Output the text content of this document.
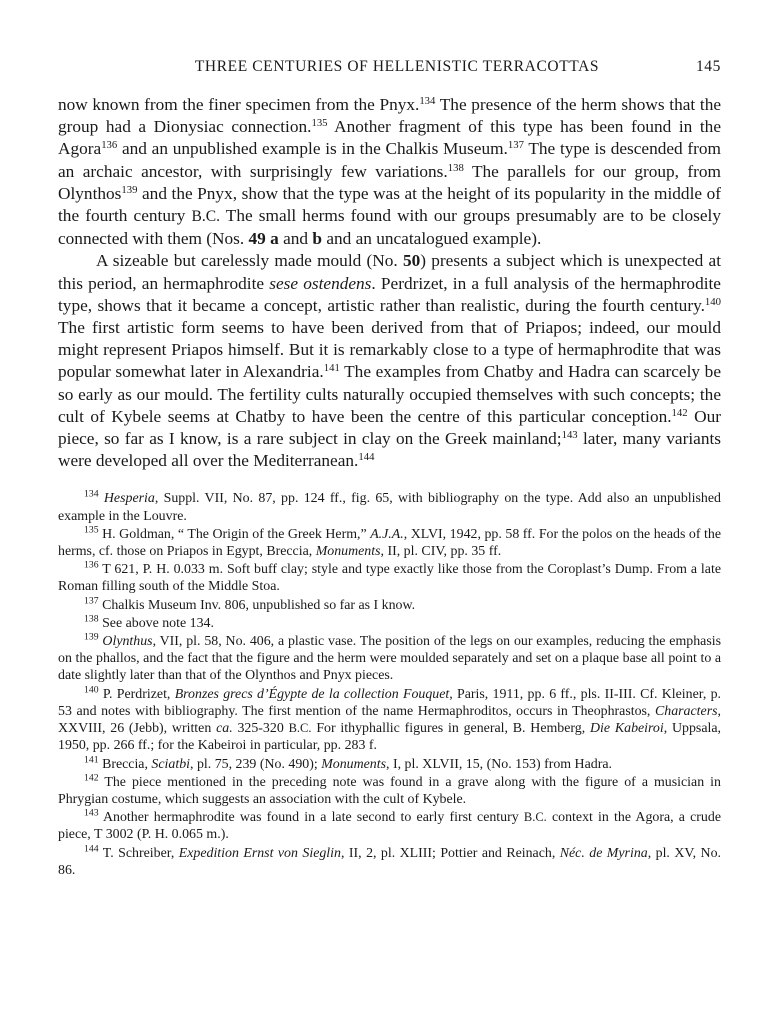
THREE CENTURIES OF HELLENISTIC TERRACOTTAS	145

now known from the finer specimen from the Pnyx.$^{134}$ The presence of the herm shows that the group had a Dionysiac connection.$^{135}$ Another fragment of this type has been found in the Agora$^{136}$ and an unpublished example is in the Chalkis Museum.$^{137}$ The type is descended from an archaic ancestor, with surprisingly few variations.$^{138}$ The parallels for our group, from Olynthos$^{139}$ and the Pnyx, show that the type was at the height of its popularity in the middle of the fourth century B.C. The small herms found with our groups presumably are to be closely connected with them (Nos. 49 a and b and an uncatalogued example).

A sizeable but carelessly made mould (No. 50) presents a subject which is unexpected at this period, an hermaphrodite sese ostendens. Perdrizet, in a full analysis of the hermaphrodite type, shows that it became a concept, artistic rather than realistic, during the fourth century.$^{140}$ The first artistic form seems to have been derived from that of Priapos; indeed, our mould might represent Priapos himself. But it is remarkably close to a type of hermaphrodite that was popular somewhat later in Alexandria.$^{141}$ The examples from Chatby and Hadra can scarcely be so early as our mould. The fertility cults naturally occupied themselves with such concepts; the cult of Kybele seems at Chatby to have been the centre of this particular conception.$^{142}$ Our piece, so far as I know, is a rare subject in clay on the Greek mainland;$^{143}$ later, many variants were developed all over the Mediterranean.$^{144}$

$^{134}$ Hesperia, Suppl. VII, No. 87, pp. 124 ff., fig. 65, with bibliography on the type. Add also an unpublished example in the Louvre.

$^{135}$ H. Goldman, “ The Origin of the Greek Herm,” A.J.A., XLVI, 1942, pp. 58 ff. For the polos on the heads of the herms, cf. those on Priapos in Egypt, Breccia, Monuments, II, pl. CIV, pp. 35 ff.

$^{136}$ T 621, P. H. 0.033 m. Soft buff clay; style and type exactly like those from the Coroplast’s Dump. From a late Roman filling south of the Middle Stoa.

$^{137}$ Chalkis Museum Inv. 806, unpublished so far as I know.

$^{138}$ See above note 134.

$^{139}$ Olynthus, VII, pl. 58, No. 406, a plastic vase. The position of the legs on our examples, reducing the emphasis on the phallos, and the fact that the figure and the herm were moulded separately and set on a plaque base all point to a date slightly later than that of the Olynthos and Pnyx pieces.

$^{140}$ P. Perdrizet, Bronzes grecs d’Égypte de la collection Fouquet, Paris, 1911, pp. 6 ff., pls. II-III. Cf. Kleiner, p. 53 and notes with bibliography. The first mention of the name Hermaphroditos, occurs in Theophrastos, Characters, XXVIII, 26 (Jebb), written ca. 325-320 B.C. For ithyphallic figures in general, B. Hemberg, Die Kabeiroi, Uppsala, 1950, pp. 266 ff.; for the Kabeiroi in particular, pp. 283 f.

$^{141}$ Breccia, Sciatbi, pl. 75, 239 (No. 490); Monuments, I, pl. XLVII, 15, (No. 153) from Hadra.

$^{142}$ The piece mentioned in the preceding note was found in a grave along with the figure of a musician in Phrygian costume, which suggests an association with the cult of Kybele.

$^{143}$ Another hermaphrodite was found in a late second to early first century B.C. context in the Agora, a crude piece, T 3002 (P. H. 0.065 m.).

$^{144}$ T. Schreiber, Expedition Ernst von Sieglin, II, 2, pl. XLIII; Pottier and Reinach, Néc. de Myrina, pl. XV, No. 86.
